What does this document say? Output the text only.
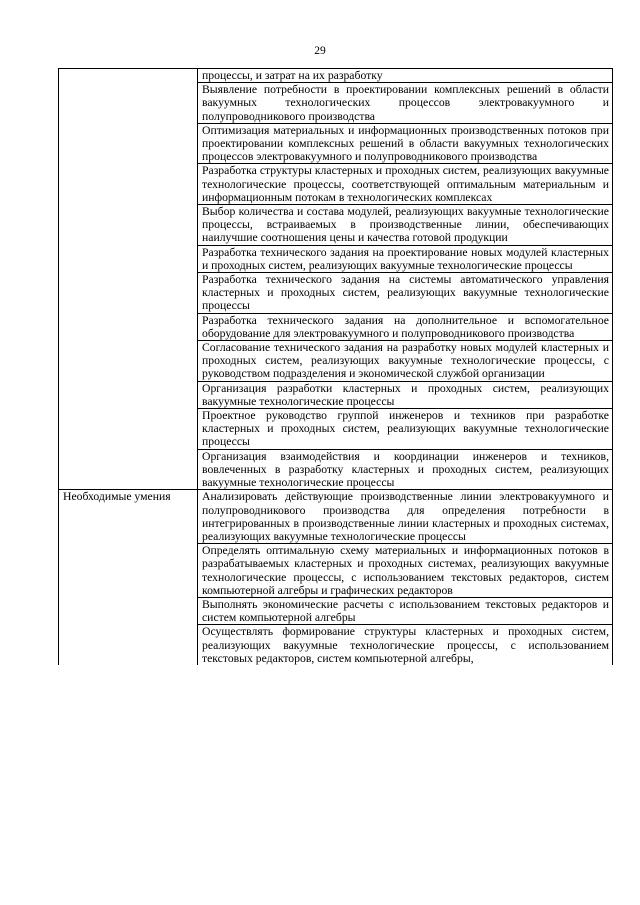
29
	процессы, и затрат на их разработку
	Выявление потребности в проектировании комплексных решений в области вакуумных технологических процессов электровакуумного и полупроводникового производства
	Оптимизация материальных и информационных производственных потоков при проектировании комплексных решений в области вакуумных технологических процессов электровакуумного и полупроводникового производства
	Разработка структуры кластерных и проходных систем, реализующих вакуумные технологические процессы, соответствующей оптимальным материальным и информационным потокам в технологических комплексах
	Выбор количества и состава модулей, реализующих вакуумные технологические процессы, встраиваемых в производственные линии, обеспечивающих наилучшие соотношения цены и качества готовой продукции
	Разработка технического задания на проектирование новых модулей кластерных и проходных систем, реализующих вакуумные технологические процессы
	Разработка технического задания на системы автоматического управления кластерных и проходных систем, реализующих вакуумные технологические процессы
	Разработка технического задания на дополнительное и вспомогательное оборудование для электровакуумного и полупроводникового производства
	Согласование технического задания на разработку новых модулей кластерных и проходных систем, реализующих вакуумные технологические процессы, с руководством подразделения и экономической службой организации
	Организация разработки кластерных и проходных систем, реализующих вакуумные технологические процессы
	Проектное руководство группой инженеров и техников при разработке кластерных и проходных систем, реализующих вакуумные технологические процессы
	Организация взаимодействия и координации инженеров и техников, вовлеченных в разработку кластерных и проходных систем, реализующих вакуумные технологические процессы
Необходимые умения	Анализировать действующие производственные линии электровакуумного и полупроводникового производства для определения потребности в интегрированных в производственные линии кластерных и проходных системах, реализующих вакуумные технологические процессы
	Определять оптимальную схему материальных и информационных потоков в разрабатываемых кластерных и проходных системах, реализующих вакуумные технологические процессы, с использованием текстовых редакторов, систем компьютерной алгебры и графических редакторов
	Выполнять экономические расчеты с использованием текстовых редакторов и систем компьютерной алгебры
	Осуществлять формирование структуры кластерных и проходных систем, реализующих вакуумные технологические процессы, с использованием текстовых редакторов, систем компьютерной алгебры,
